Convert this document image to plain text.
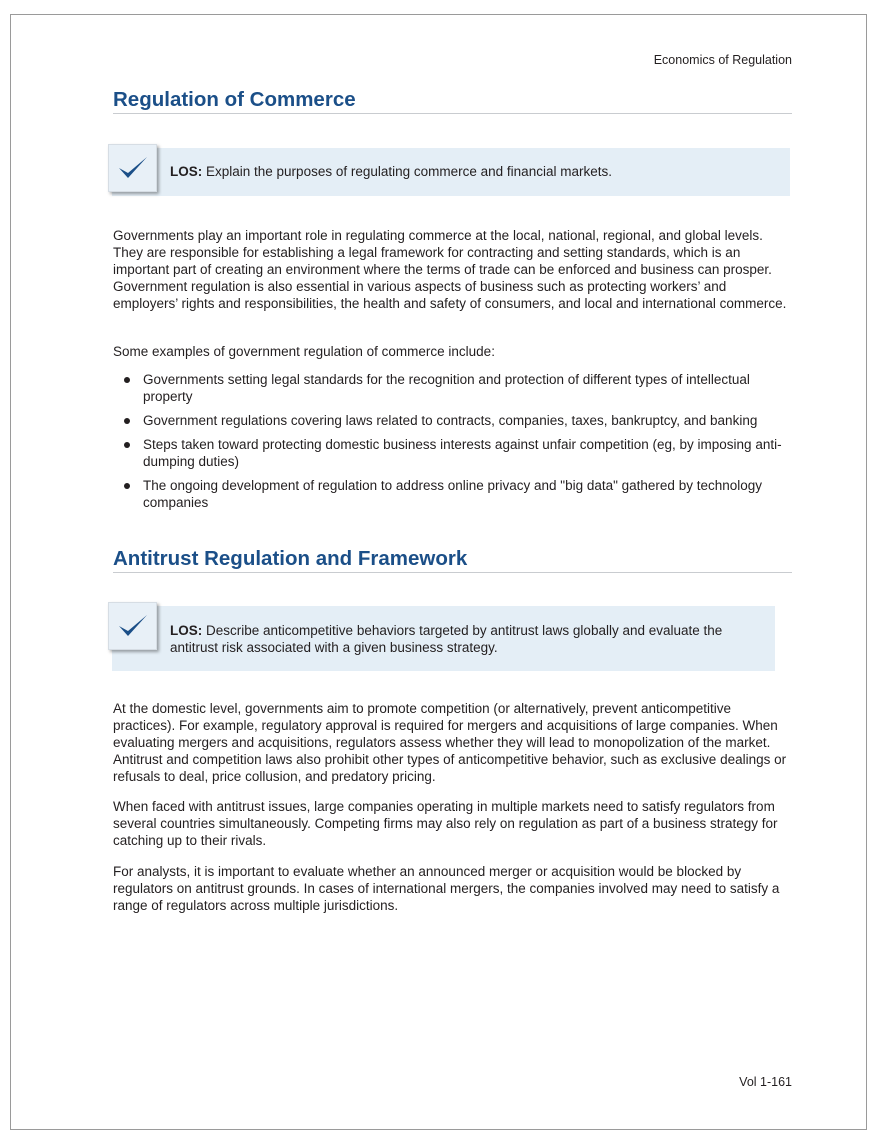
Economics of Regulation
Regulation of Commerce
LOS: Explain the purposes of regulating commerce and financial markets.

Governments play an important role in regulating commerce at the local, national, regional, and global levels. They are responsible for establishing a legal framework for contracting and setting standards, which is an important part of creating an environment where the terms of trade can be enforced and business can prosper. Government regulation is also essential in various aspects of business such as protecting workers’ and employers’ rights and responsibilities, the health and safety of consumers, and local and international commerce.

Some examples of government regulation of commerce include:

Governments setting legal standards for the recognition and protection of different types of intellectual property
Government regulations covering laws related to contracts, companies, taxes, bankruptcy, and banking
Steps taken toward protecting domestic business interests against unfair competition (eg, by imposing anti-dumping duties)
The ongoing development of regulation to address online privacy and "big data" gathered by technology companies
Antitrust Regulation and Framework
LOS: Describe anticompetitive behaviors targeted by antitrust laws globally and evaluate the antitrust risk associated with a given business strategy.

At the domestic level, governments aim to promote competition (or alternatively, prevent anticompetitive practices). For example, regulatory approval is required for mergers and acquisitions of large companies. When evaluating mergers and acquisitions, regulators assess whether they will lead to monopolization of the market. Antitrust and competition laws also prohibit other types of anticompetitive behavior, such as exclusive dealings or refusals to deal, price collusion, and predatory pricing.

When faced with antitrust issues, large companies operating in multiple markets need to satisfy regulators from several countries simultaneously. Competing firms may also rely on regulation as part of a business strategy for catching up to their rivals.

For analysts, it is important to evaluate whether an announced merger or acquisition would be blocked by regulators on antitrust grounds. In cases of international mergers, the companies involved may need to satisfy a range of regulators across multiple jurisdictions.

Vol 1-161
